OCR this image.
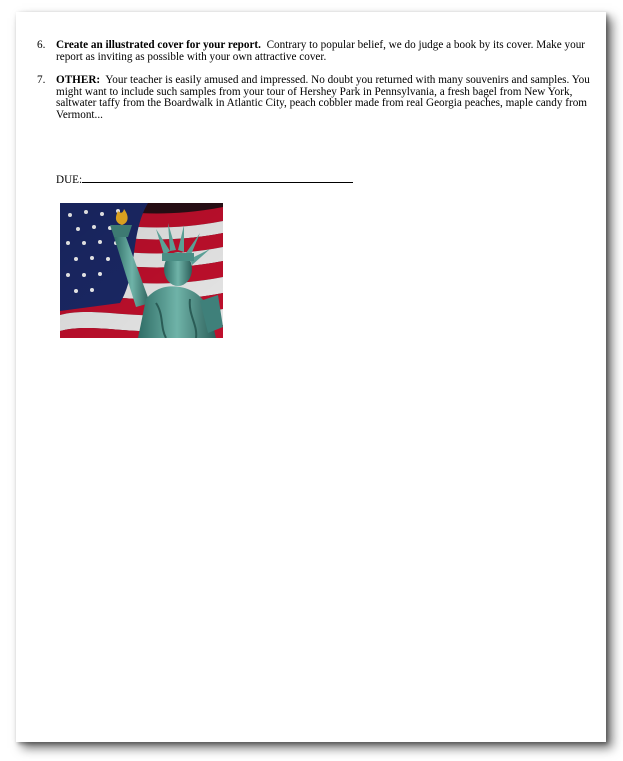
6. Create an illustrated cover for your report. Contrary to popular belief, we do judge a book by its cover. Make your report as inviting as possible with your own attractive cover.
7. OTHER: Your teacher is easily amused and impressed. No doubt you returned with many souvenirs and samples. You might want to include such samples from your tour of Hershey Park in Pennsylvania, a fresh bagel from New York, saltwater taffy from the Boardwalk in Atlantic City, peach cobbler made from real Georgia peaches, maple candy from Vermont...
DUE:
